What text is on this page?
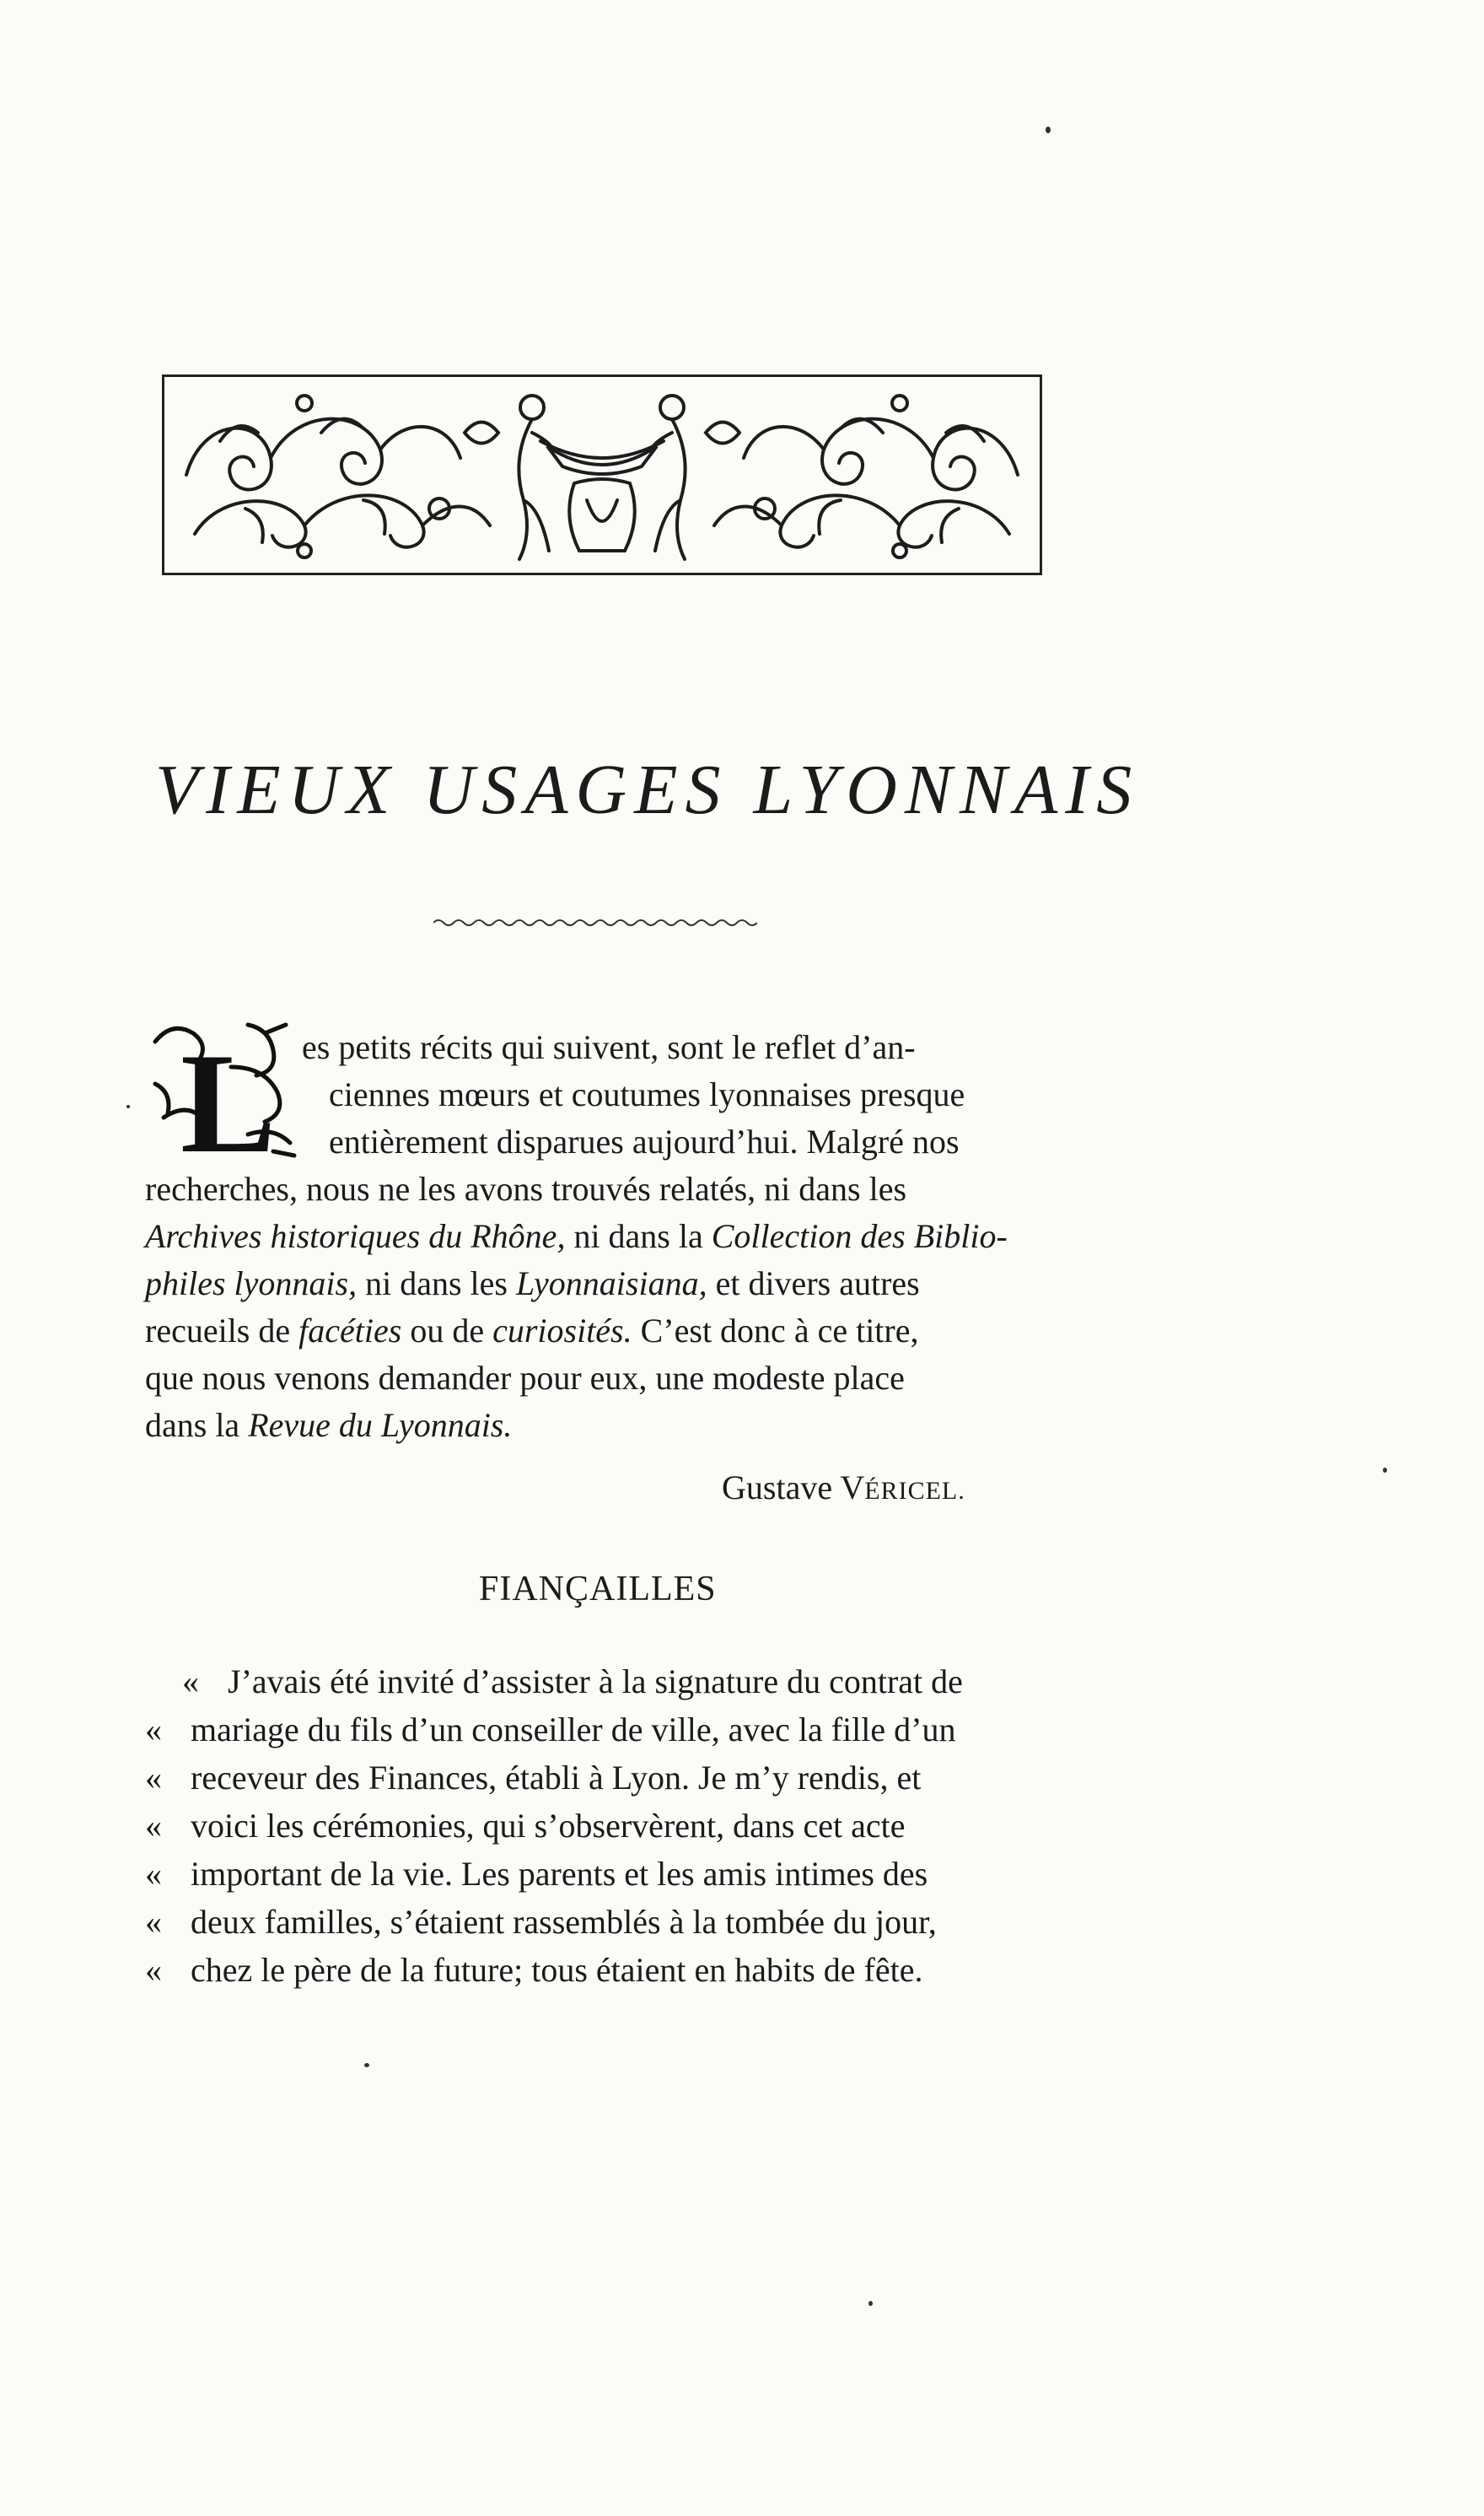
VIEUX USAGES LYONNAIS
L es petits récits qui suivent, sont le reflet d’an-
ciennes mœurs et coutumes lyonnaises presque
entièrement disparues aujourd’hui. Malgré nos
recherches, nous ne les avons trouvés relatés, ni dans les
Archives historiques du Rhône, ni dans la Collection des Biblio-
philes lyonnais, ni dans les Lyonnaisiana, et divers autres
recueils de facéties ou de curiosités. C’est donc à ce titre,
que nous venons demander pour eux, une modeste place
dans la Revue du Lyonnais.
Gustave VÉRICEL.
FIANÇAILLES
« J’avais été invité d’assister à la signature du contrat de
« mariage du fils d’un conseiller de ville, avec la fille d’un
« receveur des Finances, établi à Lyon. Je m’y rendis, et
« voici les cérémonies, qui s’observèrent, dans cet acte
« important de la vie. Les parents et les amis intimes des
« deux familles, s’étaient rassemblés à la tombée du jour,
« chez le père de la future; tous étaient en habits de fête.
